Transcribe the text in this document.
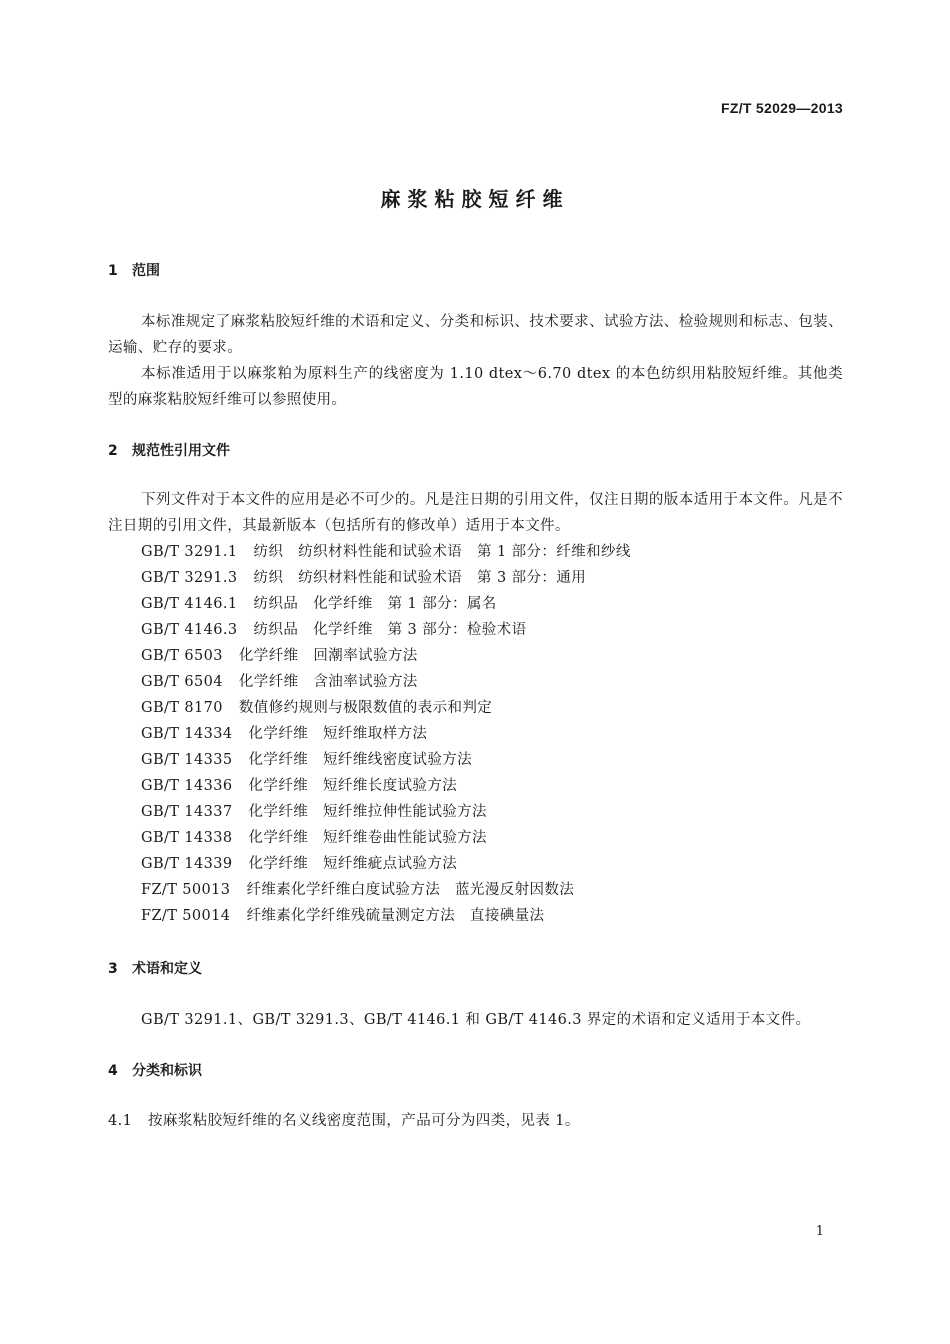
FZ/T 52029—2013
麻浆粘胶短纤维
1 范围
本标准规定了麻浆粘胶短纤维的术语和定义、分类和标识、技术要求、试验方法、检验规则和标志、包装、运输、贮存的要求。
本标准适用于以麻浆粕为原料生产的线密度为 1.10 dtex～6.70 dtex 的本色纺织用粘胶短纤维。其他类型的麻浆粘胶短纤维可以参照使用。
2 规范性引用文件
下列文件对于本文件的应用是必不可少的。凡是注日期的引用文件，仅注日期的版本适用于本文件。凡是不注日期的引用文件，其最新版本（包括所有的修改单）适用于本文件。
GB/T 3291.1 纺织　纺织材料性能和试验术语　第 1 部分：纤维和纱线
GB/T 3291.3 纺织　纺织材料性能和试验术语　第 3 部分：通用
GB/T 4146.1 纺织品　化学纤维　第 1 部分：属名
GB/T 4146.3 纺织品　化学纤维　第 3 部分：检验术语
GB/T 6503 化学纤维　回潮率试验方法
GB/T 6504 化学纤维　含油率试验方法
GB/T 8170 数值修约规则与极限数值的表示和判定
GB/T 14334 化学纤维　短纤维取样方法
GB/T 14335 化学纤维　短纤维线密度试验方法
GB/T 14336 化学纤维　短纤维长度试验方法
GB/T 14337 化学纤维　短纤维拉伸性能试验方法
GB/T 14338 化学纤维　短纤维卷曲性能试验方法
GB/T 14339 化学纤维　短纤维疵点试验方法
FZ/T 50013 纤维素化学纤维白度试验方法　蓝光漫反射因数法
FZ/T 50014 纤维素化学纤维残硫量测定方法　直接碘量法
3 术语和定义
GB/T 3291.1、GB/T 3291.3、GB/T 4146.1 和 GB/T 4146.3 界定的术语和定义适用于本文件。
4 分类和标识
4.1 按麻浆粘胶短纤维的名义线密度范围，产品可分为四类，见表 1。
1
